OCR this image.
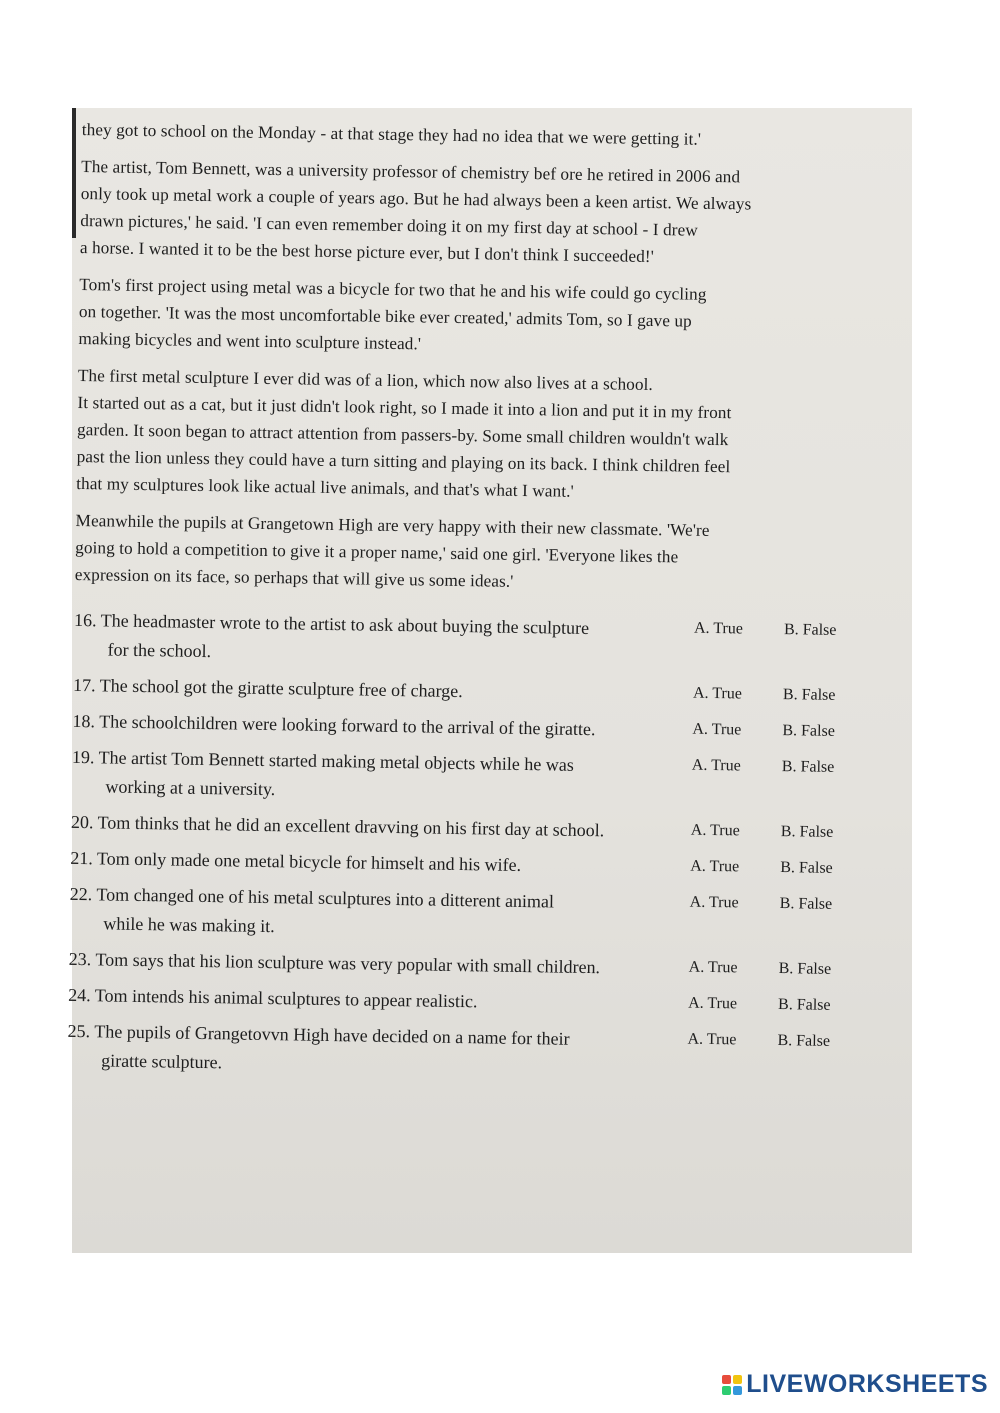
they got to school on the Monday - at that stage they had no idea that we were getting it.'

The artist, Tom Bennett, was a university professor of chemistry bef ore he retired in 2006 and
only took up metal work a couple of years ago. But he had always been a keen artist. We always
drawn pictures,' he said. 'I can even remember doing it on my first day at school - I drew
a horse. I wanted it to be the best horse picture ever, but I don't think I succeeded!'

Tom's first project using metal was a bicycle for two that he and his wife could go cycling
on together. 'It was the most uncomfortable bike ever created,' admits Tom, so I gave up
making bicycles and went into sculpture instead.'

The first metal sculpture I ever did was of a lion, which now also lives at a school.
It started out as a cat, but it just didn't look right, so I made it into a lion and put it in my front
garden. It soon began to attract attention from passers-by. Some small children wouldn't walk
past the lion unless they could have a turn sitting and playing on its back. I think children feel
that my sculptures look like actual live animals, and that's what I want.'

Meanwhile the pupils at Grangetown High are very happy with their new classmate. 'We're
going to hold a competition to give it a proper name,' said one girl. 'Everyone likes the
expression on its face, so perhaps that will give us some ideas.'

16. The headmaster wrote to the artist to ask about buying the sculpture
for the school.
A. True	B. False
17. The school got the giratte sculpture free of charge.	A. True	B. False
18. The schoolchildren were looking forward to the arrival of the giratte.	A. True	B. False
19. The artist Tom Bennett started making metal objects while he was
working at a university.
A. True	B. False
20. Tom thinks that he did an excellent dravving on his first day at school.	A. True	B. False
21. Tom only made one metal bicycle for himselt and his wife.	A. True	B. False
22. Tom changed one of his metal sculptures into a ditterent animal
while he was making it.
A. True	B. False
23. Tom says that his lion sculpture was very popular with small children.	A. True	B. False
24. Tom intends his animal sculptures to appear realistic.	A. True	B. False
25. The pupils of Grangetovvn High have decided on a name for their
giratte sculpture.
A. True	B. False
LIVEWORKSHEETS
